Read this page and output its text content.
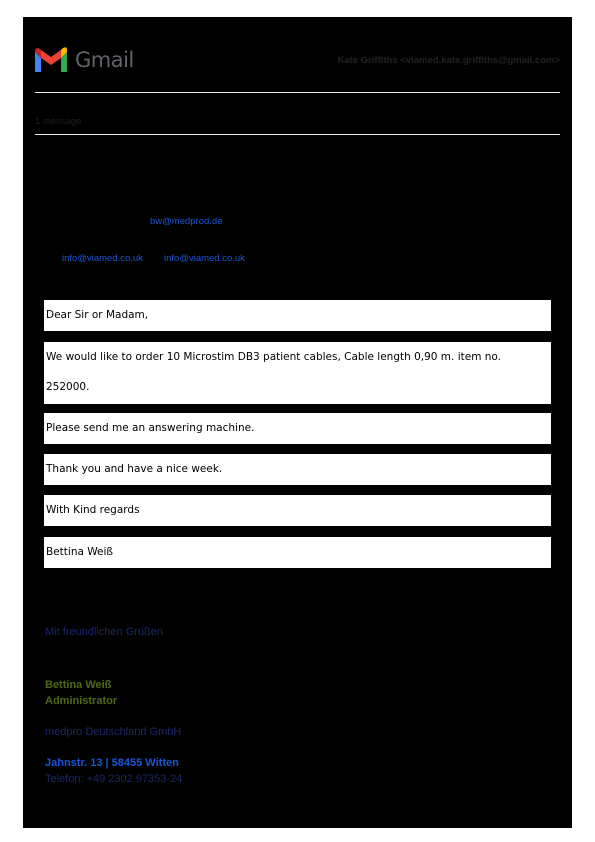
Gmail	Kate Griffiths <viamed.kate.griffiths@gmail.com>
1 message
bw@medprod.de
info@viamed.co.uk info@viamed.co.uk
Dear Sir or Madam,
We would like to order 10 Microstim DB3 patient cables, Cable length 0,90 m. item no.
252000.
Please send me an answering machine.
Thank you and have a nice week.
With Kind regards
Bettina Weiß
Mit freundlichen Grüßen
Bettina Weiß
Administrator
medpro Deutschland GmbH
Jahnstr. 13 | 58455 Witten
Telefon: +49 2302 97353-24
